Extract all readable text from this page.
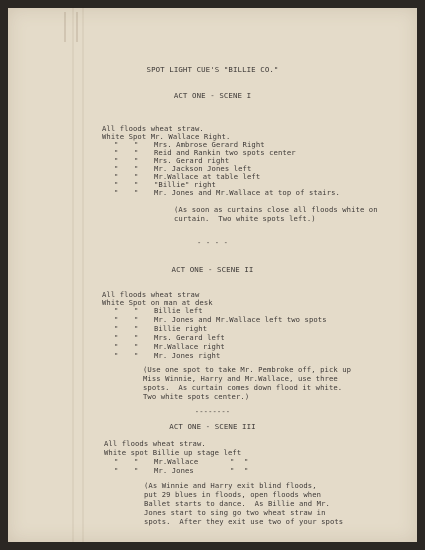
SPOT LIGHT CUE'S "BILLIE CO."
ACT ONE - SCENE I
All floods wheat straw.
White Spot Mr. Wallace Right.
" " Mrs. Ambrose Gerard Right
" " Reid and Rankin two spots center
" " Mrs. Gerard right
" " Mr. Jackson Jones left
" " Mr.Wallace at table left
" " "Billie" right
" " Mr. Jones and Mr.Wallace at top of stairs.
(As soon as curtains close all floods white on
curtain.  Two white spots left.)
- - - -
ACT ONE - SCENE II
All floods wheat straw
White Spot on man at desk
" " Billie left
" " Mr. Jones and Mr.Wallace left two spots
" " Billie right
" " Mrs. Gerard left
" " Mr.Wallace right
" " Mr. Jones right
(Use one spot to take Mr. Pembroke off, pick up
Miss Winnie, Harry and Mr.Wallace, use three
spots.  As curtain comes down flood it white.
Two white spots center.)
--------
ACT ONE - SCENE III
All floods wheat straw.
White spot Billie up stage left
" " Mr.Wallace	" "
" " Mr. Jones	" "
(As Winnie and Harry exit blind floods,
put 29 blues in floods, open floods when
Ballet starts to dance.  As Billie and Mr.
Jones start to sing go two wheat straw in
spots.  After they exit use two of your spots
